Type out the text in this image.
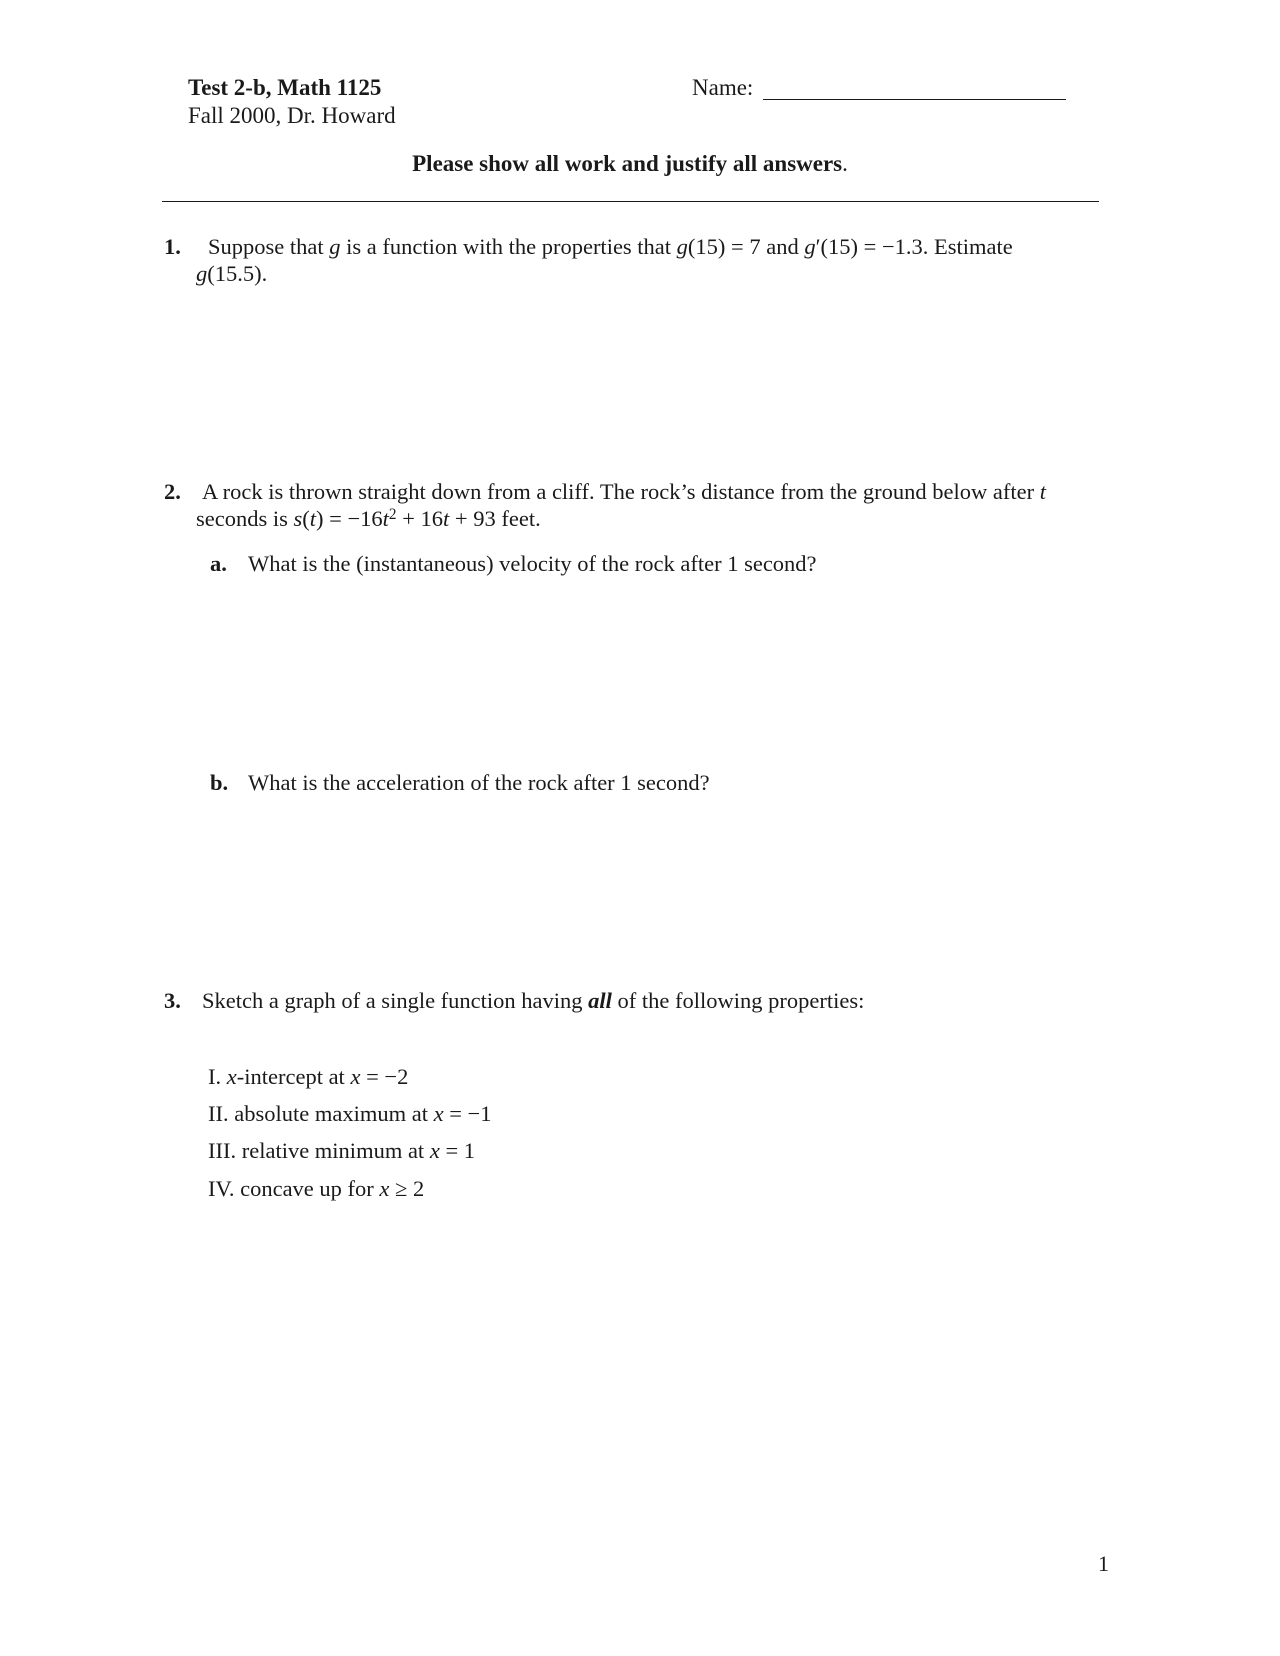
Test 2-b, Math 1125
Fall 2000, Dr. Howard
Name:
Please show all work and justify all answers.
1. Suppose that g is a function with the properties that g(15) = 7 and g′(15) = −1.3. Estimate
g(15.5).
2. A rock is thrown straight down from a cliff. The rock’s distance from the ground below after t
seconds is $s(t) = -16t^2 + 16t + 93$ feet.
a. What is the (instantaneous) velocity of the rock after 1 second?
b. What is the acceleration of the rock after 1 second?
3. Sketch a graph of a single function having all of the following properties:
I. x-intercept at x = −2
II. absolute maximum at x = −1
III. relative minimum at x = 1
IV. concave up for x ≥ 2
1
